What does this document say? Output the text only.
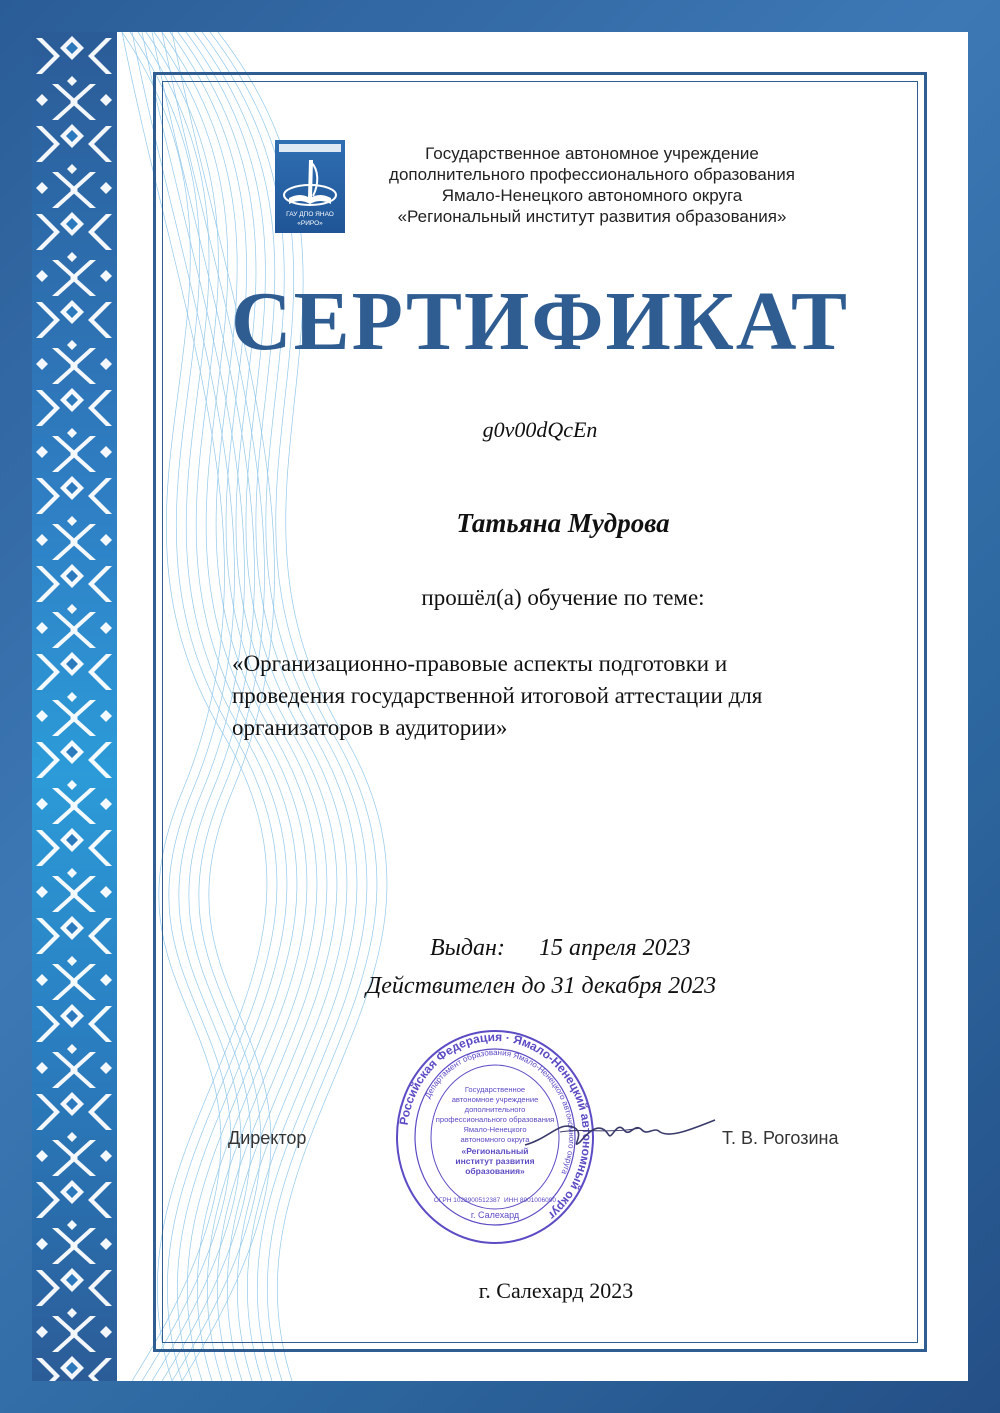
ГАУ ДПО ЯНАО
«РИРО»
Государственное автономное учреждение
дополнительного профессионального образования
Ямало-Ненецкого автономного округа
«Региональный институт развития образования»
СЕРТИФИКАТ
g0v00dQcEn
Татьяна Мудрова
прошёл(а) обучение по теме:
«Организационно-правовые аспекты подготовки и
проведения государственной итоговой аттестации для
организаторов в аудитории»
Выдан: 15 апреля 2023
Действителен до 31 декабря 2023
Директор	Т. В. Рогозина
Российская Федерация · Ямало-Ненецкий автономный округ
Департамент образования Ямало-Ненецкого автономного округа
Государственное
автономное учреждение
дополнительного
профессионального образования
Ямало-Ненецкого
автономного округа
«Региональный
институт развития
образования»
ОГРН 1028900512387 ИНН 8901006090
г. Салехард
г. Салехард 2023
